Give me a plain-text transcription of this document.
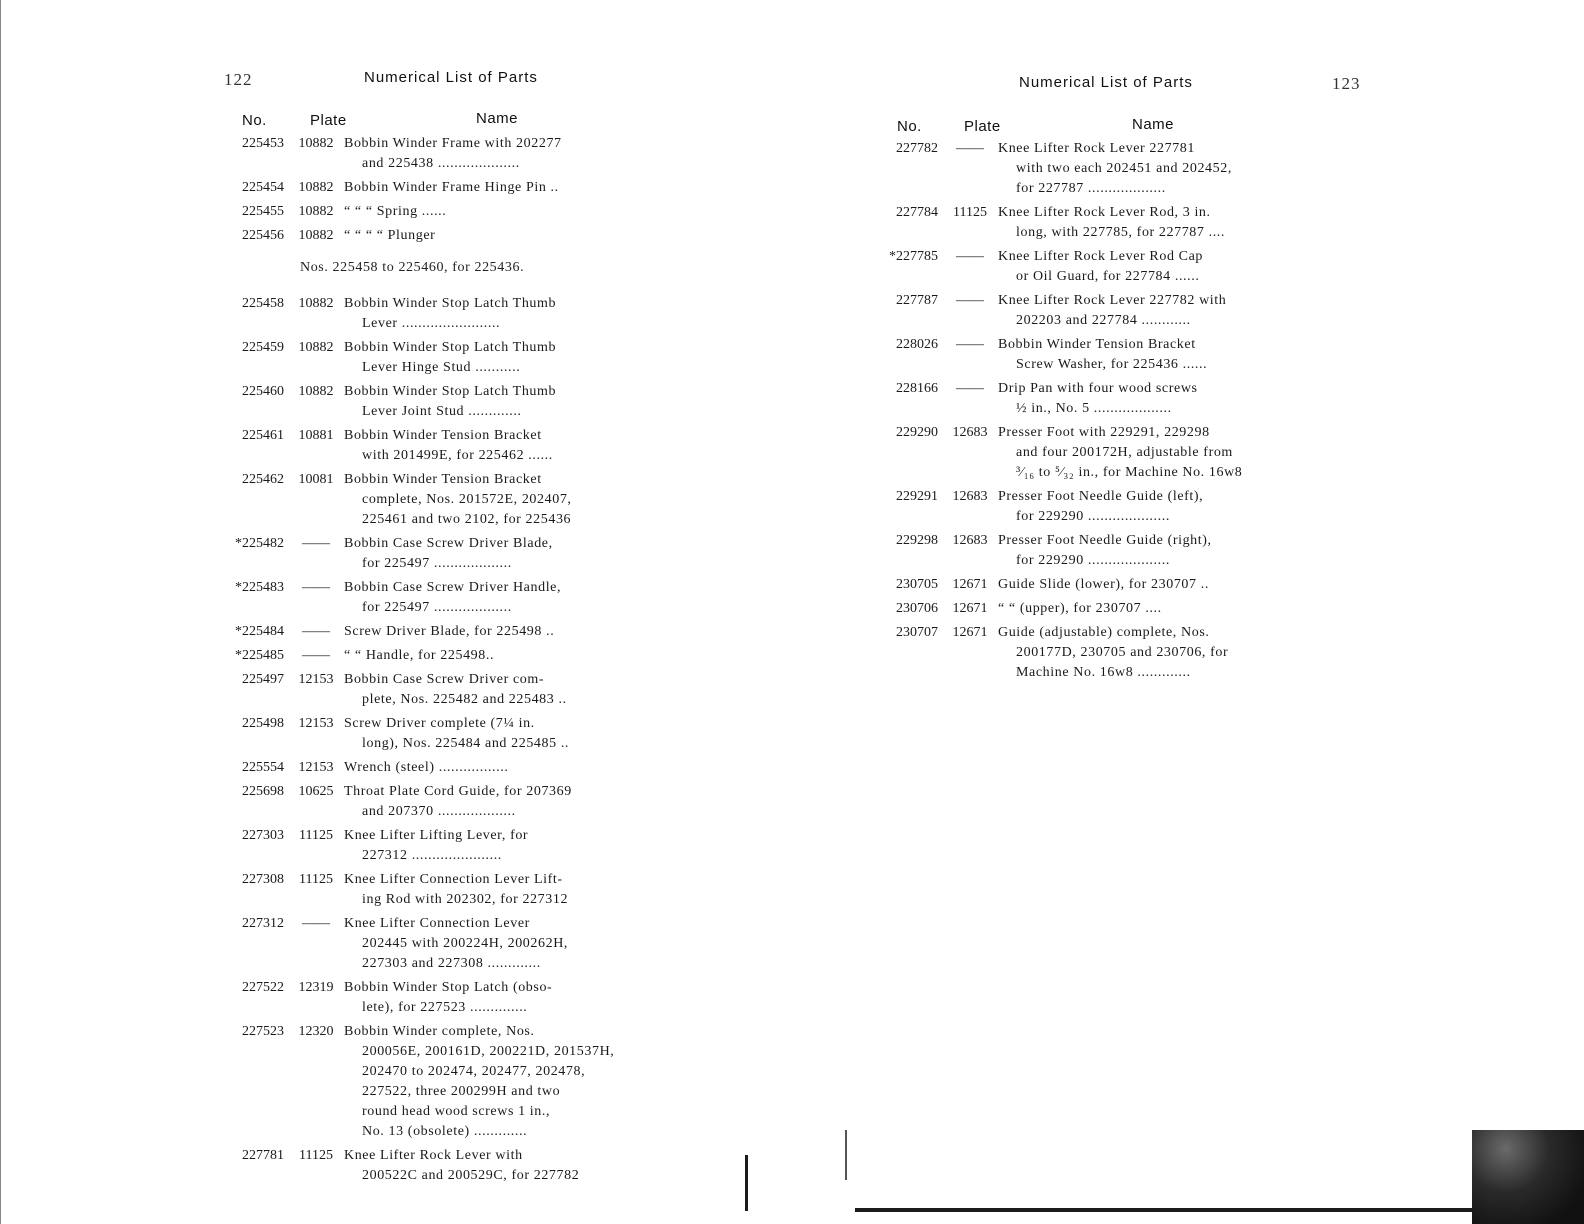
122	Numerical List of Parts
No.	Plate	Name
225453	10882 Bobbin Winder Frame with 202277
and 225438 ....................
225454	10882 Bobbin Winder Frame Hinge Pin ..
225455	10882 “ “ “ Spring ......
225456	10882 “ “ “ “ Plunger
Nos. 225458 to 225460, for 225436.
225458	10882 Bobbin Winder Stop Latch Thumb
Lever ........................
225459	10882 Bobbin Winder Stop Latch Thumb
Lever Hinge Stud ...........
225460	10882 Bobbin Winder Stop Latch Thumb
Lever Joint Stud .............
225461	10881 Bobbin Winder Tension Bracket
with 201499E, for 225462 ......
225462	10081 Bobbin Winder Tension Bracket
complete, Nos. 201572E, 202407,
225461 and two 2102, for 225436
*225482	——	Bobbin Case Screw Driver Blade,
for 225497 ...................
*225483	——	Bobbin Case Screw Driver Handle,
for 225497 ...................
*225484	——	Screw Driver Blade, for 225498 ..
*225485	——	“ “ Handle, for 225498..
225497	12153 Bobbin Case Screw Driver com-
plete, Nos. 225482 and 225483 ..
225498	12153 Screw Driver complete (7¼ in.
long), Nos. 225484 and 225485 ..
225554	12153 Wrench (steel) .................
225698	10625 Throat Plate Cord Guide, for 207369
and 207370 ...................
227303	11125 Knee Lifter Lifting Lever, for
227312 ......................
227308	11125 Knee Lifter Connection Lever Lift-
ing Rod with 202302, for 227312
227312	——	Knee Lifter Connection Lever
202445 with 200224H, 200262H,
227303 and 227308 .............
227522	12319 Bobbin Winder Stop Latch (obso-
lete), for 227523 ..............
227523	12320 Bobbin Winder complete, Nos.
200056E, 200161D, 200221D, 201537H,
202470 to 202474, 202477, 202478,
227522, three 200299H and two
round head wood screws 1 in.,
No. 13 (obsolete) .............
227781	11125 Knee Lifter Rock Lever with
200522C and 200529C, for 227782
Numerical List of Parts	123
No.	Plate	Name
227782	——	Knee Lifter Rock Lever 227781
with two each 202451 and 202452,
for 227787 ...................
227784	11125 Knee Lifter Rock Lever Rod, 3 in.
long, with 227785, for 227787 ....
*227785	——	Knee Lifter Rock Lever Rod Cap
or Oil Guard, for 227784 ......
227787	——	Knee Lifter Rock Lever 227782 with
202203 and 227784 ............
228026	——	Bobbin Winder Tension Bracket
Screw Washer, for 225436 ......
228166	——	Drip Pan with four wood screws
½ in., No. 5 ...................
229290	12683 Presser Foot with 229291, 229298
and four 200172H, adjustable from
³⁄₁₆ to ⁵⁄₃₂ in., for Machine No. 16w8
229291	12683 Presser Foot Needle Guide (left),
for 229290 ....................
229298	12683 Presser Foot Needle Guide (right),
for 229290 ....................
230705	12671 Guide Slide (lower), for 230707 ..
230706	12671 “ “ (upper), for 230707 ....
230707	12671 Guide (adjustable) complete, Nos.
200177D, 230705 and 230706, for
Machine No. 16w8 .............
